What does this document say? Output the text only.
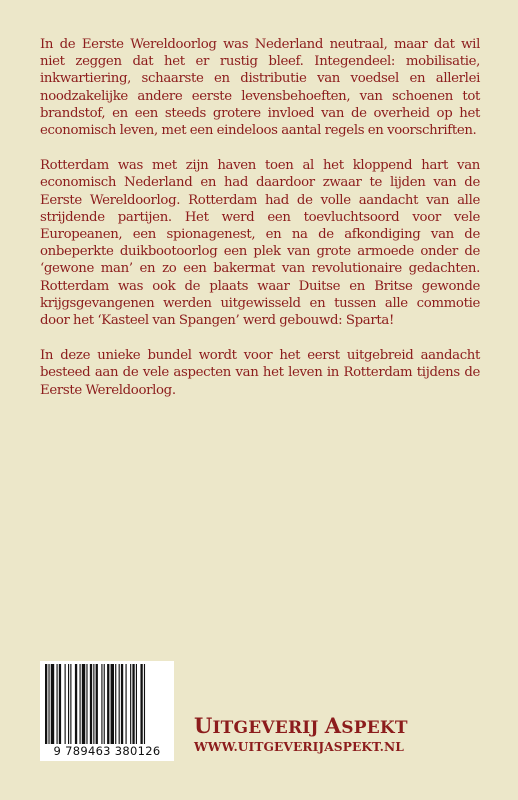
In de Eerste Wereldoorlog was Nederland neutraal, maar dat wil niet zeggen dat het er rustig bleef. Integendeel: mobilisatie, inkwartiering, schaarste en distributie van voedsel en allerlei noodzakelijke andere eerste levensbehoeften, van schoenen tot brandstof, en een steeds grotere invloed van de overheid op het economisch leven, met een eindeloos aantal regels en voorschriften.

Rotterdam was met zijn haven toen al het kloppend hart van economisch Nederland en had daardoor zwaar te lijden van de Eerste Wereldoorlog. Rotterdam had de volle aandacht van alle strijdende partijen. Het werd een toevluchtsoord voor vele Europeanen, een spionagenest, en na de afkondiging van de onbeperkte duikbootoorlog een plek van grote armoede onder de ‘gewone man’ en zo een bakermat van revolutionaire gedachten. Rotterdam was ook de plaats waar Duitse en Britse gewonde krijgsgevangenen werden uitgewisseld en tussen alle commotie door het ‘Kasteel van Spangen’ werd gebouwd: Sparta!

In deze unieke bundel wordt voor het eerst uitgebreid aandacht besteed aan de vele aspecten van het leven in Rotterdam tijdens de Eerste Wereldoorlog.

9 789463 380126
UITGEVERIJ ASPEKT
WWW.UITGEVERIJASPEKT.NL
